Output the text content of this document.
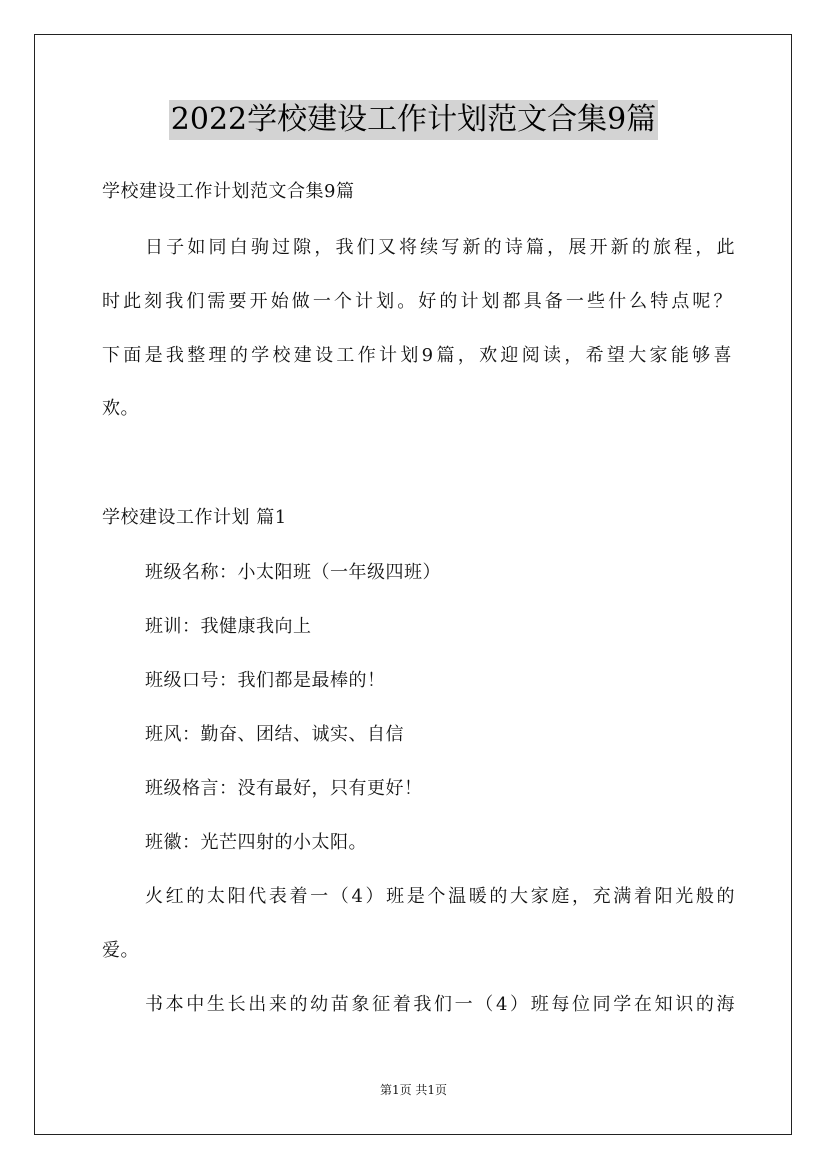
2022学校建设工作计划范文合集9篇
学校建设工作计划范文合集9篇
日子如同白驹过隙，我们又将续写新的诗篇，展开新的旅程，此
时此刻我们需要开始做一个计划。好的计划都具备一些什么特点呢？
下面是我整理的学校建设工作计划9篇，欢迎阅读，希望大家能够喜
欢。
学校建设工作计划 篇1
班级名称：小太阳班（一年级四班）
班训：我健康我向上
班级口号：我们都是最棒的！
班风：勤奋、团结、诚实、自信
班级格言：没有最好，只有更好！
班徽：光芒四射的小太阳。
火红的太阳代表着一（4）班是个温暖的大家庭，充满着阳光般的
爱。
书本中生长出来的幼苗象征着我们一（4）班每位同学在知识的海
第1页 共1页
